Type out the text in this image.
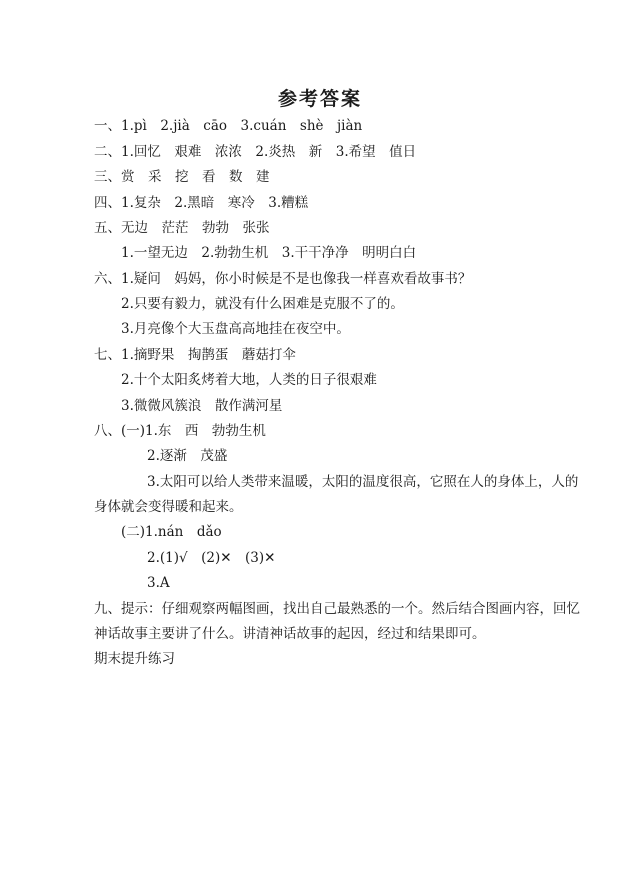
参考答案
一、1.pì　2.jià　cāo　3.cuán　shè　jiàn
二、1.回忆　艰难　浓浓　2.炎热　新　3.希望　值日
三、赏　采　挖　看　数　建
四、1.复杂　2.黑暗　寒冷　3.糟糕
五、无边　茫茫　勃勃　张张
1.一望无边　2.勃勃生机　3.干干净净　明明白白
六、1.疑问　妈妈，你小时候是不是也像我一样喜欢看故事书？
2.只要有毅力，就没有什么困难是克服不了的。
3.月亮像个大玉盘高高地挂在夜空中。
七、1.摘野果　掏鹊蛋　蘑菇打伞
2.十个太阳炙烤着大地，人类的日子很艰难
3.微微风簇浪　散作满河星
八、(一)1.东　西　勃勃生机
2.逐渐　茂盛
3.太阳可以给人类带来温暖，太阳的温度很高，它照在人的身体上，人的
身体就会变得暖和起来。
(二)1.nán　dǎo
2.(1)√　(2)✕　(3)✕
3.A
九、提示：仔细观察两幅图画，找出自己最熟悉的一个。然后结合图画内容，回忆
神话故事主要讲了什么。讲清神话故事的起因，经过和结果即可。
期末提升练习
